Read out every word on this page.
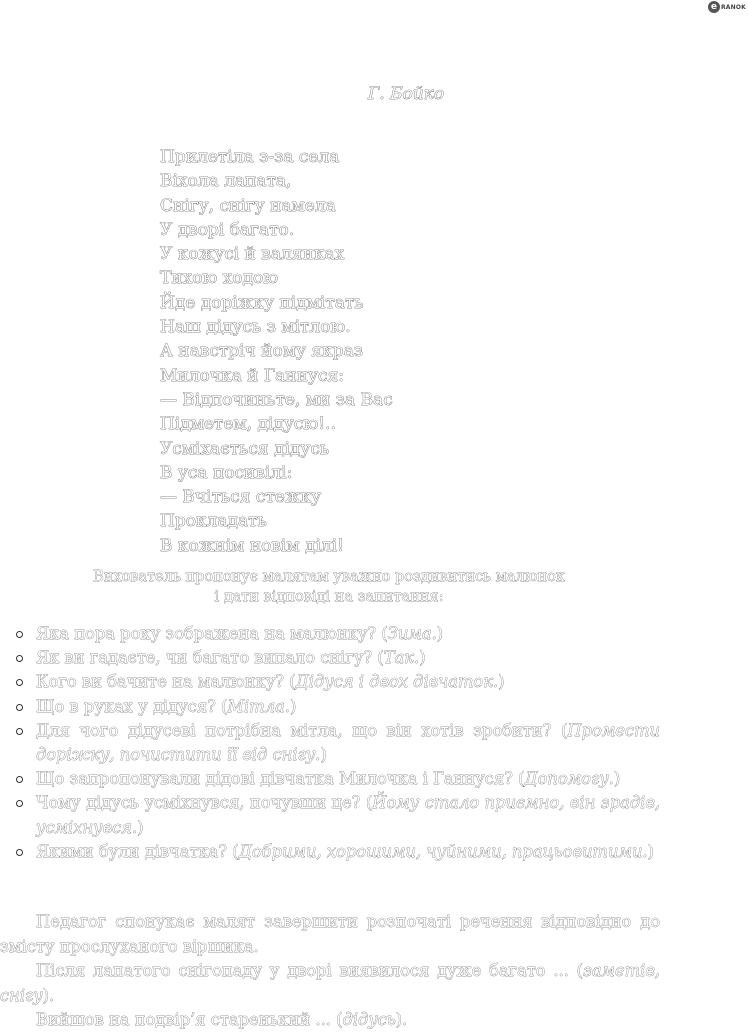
e RANOK
Г. Бойко
Прилетіла з-за села
Віхола лапата,
Снігу, снігу намела
У дворі багато.
У кожусі й валянках
Тихою ходою
Йде доріжку підмітать
Наш дідусь з мітлою.
А навстріч йому якраз
Милочка й Ганнуся:
— Відпочиньте, ми за Вас
Підметем, дідусю!..
Усміхається дідусь
В уса посивілі:
— Вчіться стежку
Прокладать
В кожнім новім ділі!
Вихователь пропонує малятам уважно роздивитись малюнок
і дати відповіді на запитання:
Яка пора року зображена на малюнку? (Зима.)
Як ви гадаєте, чи багато випало снігу? (Так.)
Кого ви бачите на малюнку? (Дідуся і двох дівчаток.)
Що в руках у дідуся? (Мітла.)
Для чого дідусеві потрібна мітла, що він хотів зробити? (Промести доріжку, почистити її від снігу.)
Що запропонували дідові дівчатка Милочка і Ганнуся? (Допомогу.)
Чому дідусь усміхнувся, почувши це? (Йому стало приємно, він зрадів, усміхнувся.)
Якими були дівчатка? (Добрими, хорошими, чуйними, працьовитими.)

Педагог спонукає малят завершити розпочаті речення відповідно до змісту прослуханого віршика.

Після лапатого снігопаду у дворі виявилося дуже багато ... (заметів, снігу).

Вийшов на подвір’я старенький ... (дідусь).
